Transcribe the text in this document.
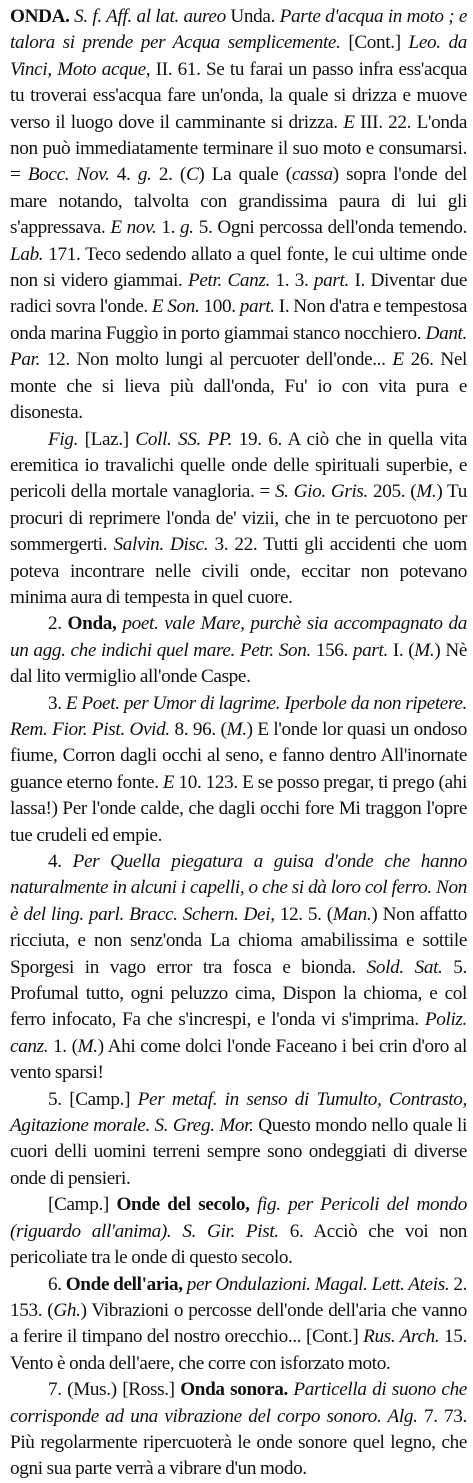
ONDA. S. f. Aff. al lat. aureo Unda. Parte d'acqua in moto ; e talora si prende per Acqua semplicemente. [Cont.] Leo. da Vinci, Moto acque, II. 61. Se tu farai un passo infra ess'acqua tu troverai ess'acqua fare un'onda, la quale si drizza e muove verso il luogo dove il camminante si drizza. E III. 22. L'onda non può immediatamente terminare il suo moto e consumarsi. = Bocc. Nov. 4. g. 2. (C) La quale (cassa) sopra l'onde del mare notando, talvolta con grandissima paura di lui gli s'appressava. E nov. 1. g. 5. Ogni percossa dell'onda temendo. Lab. 171. Teco sedendo allato a quel fonte, le cui ultime onde non si videro giammai. Petr. Canz. 1. 3. part. I. Diventar due radici sovra l'onde. E Son. 100. part. I. Non d'atra e tempestosa onda marina Fuggìo in porto giammai stanco nocchiero. Dant. Par. 12. Non molto lungi al percuoter dell'onde... E 26. Nel monte che si lieva più dall'onda, Fu' io con vita pura e disonesta.

Fig. [Laz.] Coll. SS. PP. 19. 6. A ciò che in quella vita eremitica io travalichi quelle onde delle spirituali superbie, e pericoli della mortale vanagloria. = S. Gio. Gris. 205. (M.) Tu procuri di reprimere l'onda de' vizii, che in te percuotono per sommergerti. Salvin. Disc. 3. 22. Tutti gli accidenti che uom poteva incontrare nelle civili onde, eccitar non potevano minima aura di tempesta in quel cuore.

2. Onda, poet. vale Mare, purchè sia accompagnato da un agg. che indichi quel mare. Petr. Son. 156. part. I. (M.) Nè dal lito vermiglio all'onde Caspe.

3. E Poet. per Umor di lagrime. Iperbole da non ripetere. Rem. Fior. Pist. Ovid. 8. 96. (M.) E l'onde lor quasi un ondoso fiume, Corron dagli occhi al seno, e fanno dentro All'inornate guance eterno fonte. E 10. 123. E se posso pregar, ti prego (ahi lassa!) Per l'onde calde, che dagli occhi fore Mi traggon l'opre tue crudeli ed empie.

4. Per Quella piegatura a guisa d'onde che hanno naturalmente in alcuni i capelli, o che si dà loro col ferro. Non è del ling. parl. Bracc. Schern. Dei, 12. 5. (Man.) Non affatto ricciuta, e non senz'onda La chioma amabilissima e sottile Sporgesi in vago error tra fosca e bionda. Sold. Sat. 5. Profumal tutto, ogni peluzzo cima, Dispon la chioma, e col ferro infocato, Fa che s'increspi, e l'onda vi s'imprima. Poliz. canz. 1. (M.) Ahi come dolci l'onde Faceano i bei crin d'oro al vento sparsi!

5. [Camp.] Per metaf. in senso di Tumulto, Contrasto, Agitazione morale. S. Greg. Mor. Questo mondo nello quale li cuori delli uomini terreni sempre sono ondeggiati di diverse onde di pensieri.

[Camp.] Onde del secolo, fig. per Pericoli del mondo (riguardo all'anima). S. Gir. Pist. 6. Acciò che voi non pericoliate tra le onde di questo secolo.

6. Onde dell'aria, per Ondulazioni. Magal. Lett. Ateis. 2. 153. (Gh.) Vibrazioni o percosse dell'onde dell'aria che vanno a ferire il timpano del nostro orecchio... [Cont.] Rus. Arch. 15. Vento è onda dell'aere, che corre con isforzato moto.

7. (Mus.) [Ross.] Onda sonora. Particella di suono che corrisponde ad una vibrazione del corpo sonoro. Alg. 7. 73. Più regolarmente ripercuoterà le onde sonore quel legno, che ogni sua parte verrà a vibrare d'un modo.
